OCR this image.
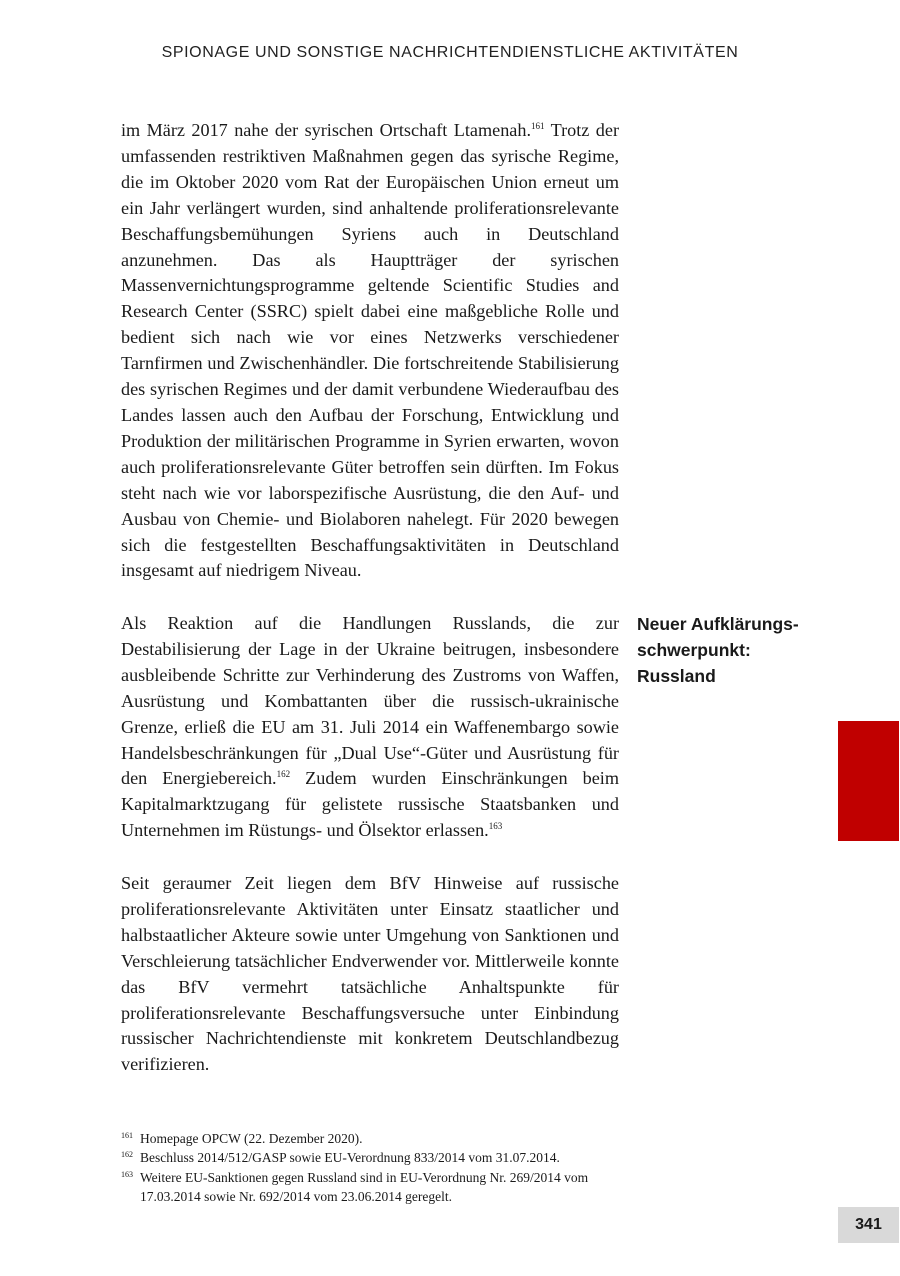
SPIONAGE UND SONSTIGE NACHRICHTENDIENSTLICHE AKTIVITÄTEN

im März 2017 nahe der syrischen Ortschaft Ltamenah.$^{161}$ Trotz der umfassenden restriktiven Maßnahmen gegen das syrische Regime, die im Oktober 2020 vom Rat der Europäischen Union erneut um ein Jahr verlängert wurden, sind anhaltende proliferationsrelevante Beschaffungsbemühungen Syriens auch in Deutschland anzunehmen. Das als Hauptträger der syrischen Massenvernichtungsprogramme geltende Scientific Studies and Research Center (SSRC) spielt dabei eine maßgebliche Rolle und bedient sich nach wie vor eines Netzwerks verschiedener Tarnfirmen und Zwischenhändler. Die fortschreitende Stabilisierung des syrischen Regimes und der damit verbundene Wiederaufbau des Landes lassen auch den Aufbau der Forschung, Entwicklung und Produktion der militärischen Programme in Syrien erwarten, wovon auch proliferationsrelevante Güter betroffen sein dürften. Im Fokus steht nach wie vor laborspezifische Ausrüstung, die den Auf- und Ausbau von Chemie- und Biolaboren nahelegt. Für 2020 bewegen sich die festgestellten Beschaffungsaktivitäten in Deutschland insgesamt auf niedrigem Niveau.

Als Reaktion auf die Handlungen Russlands, die zur Destabilisierung der Lage in der Ukraine beitrugen, insbesondere ausbleibende Schritte zur Verhinderung des Zustroms von Waffen, Ausrüstung und Kombattanten über die russisch-ukrainische Grenze, erließ die EU am 31. Juli 2014 ein Waffenembargo sowie Handelsbeschränkungen für „Dual Use“-Güter und Ausrüstung für den Energiebereich.$^{162}$ Zudem wurden Einschränkungen beim Kapitalmarktzugang für gelistete russische Staatsbanken und Unternehmen im Rüstungs- und Ölsektor erlassen.$^{163}$

Seit geraumer Zeit liegen dem BfV Hinweise auf russische proliferationsrelevante Aktivitäten unter Einsatz staatlicher und halbstaatlicher Akteure sowie unter Umgehung von Sanktionen und Verschleierung tatsächlicher Endverwender vor. Mittlerweile konnte das BfV vermehrt tatsächliche Anhaltspunkte für proliferationsrelevante Beschaffungsversuche unter Einbindung russischer Nachrichtendienste mit konkretem Deutschlandbezug verifizieren.

Neuer Aufklärungs-
schwerpunkt:
Russland
161 Homepage OPCW (22. Dezember 2020).
162 Beschluss 2014/512/GASP sowie EU-Verordnung 833/2014 vom 31.07.2014.
163 Weitere EU-Sanktionen gegen Russland sind in EU-Verordnung Nr. 269/2014 vom 17.03.2014 sowie Nr. 692/2014 vom 23.06.2014 geregelt.
341
